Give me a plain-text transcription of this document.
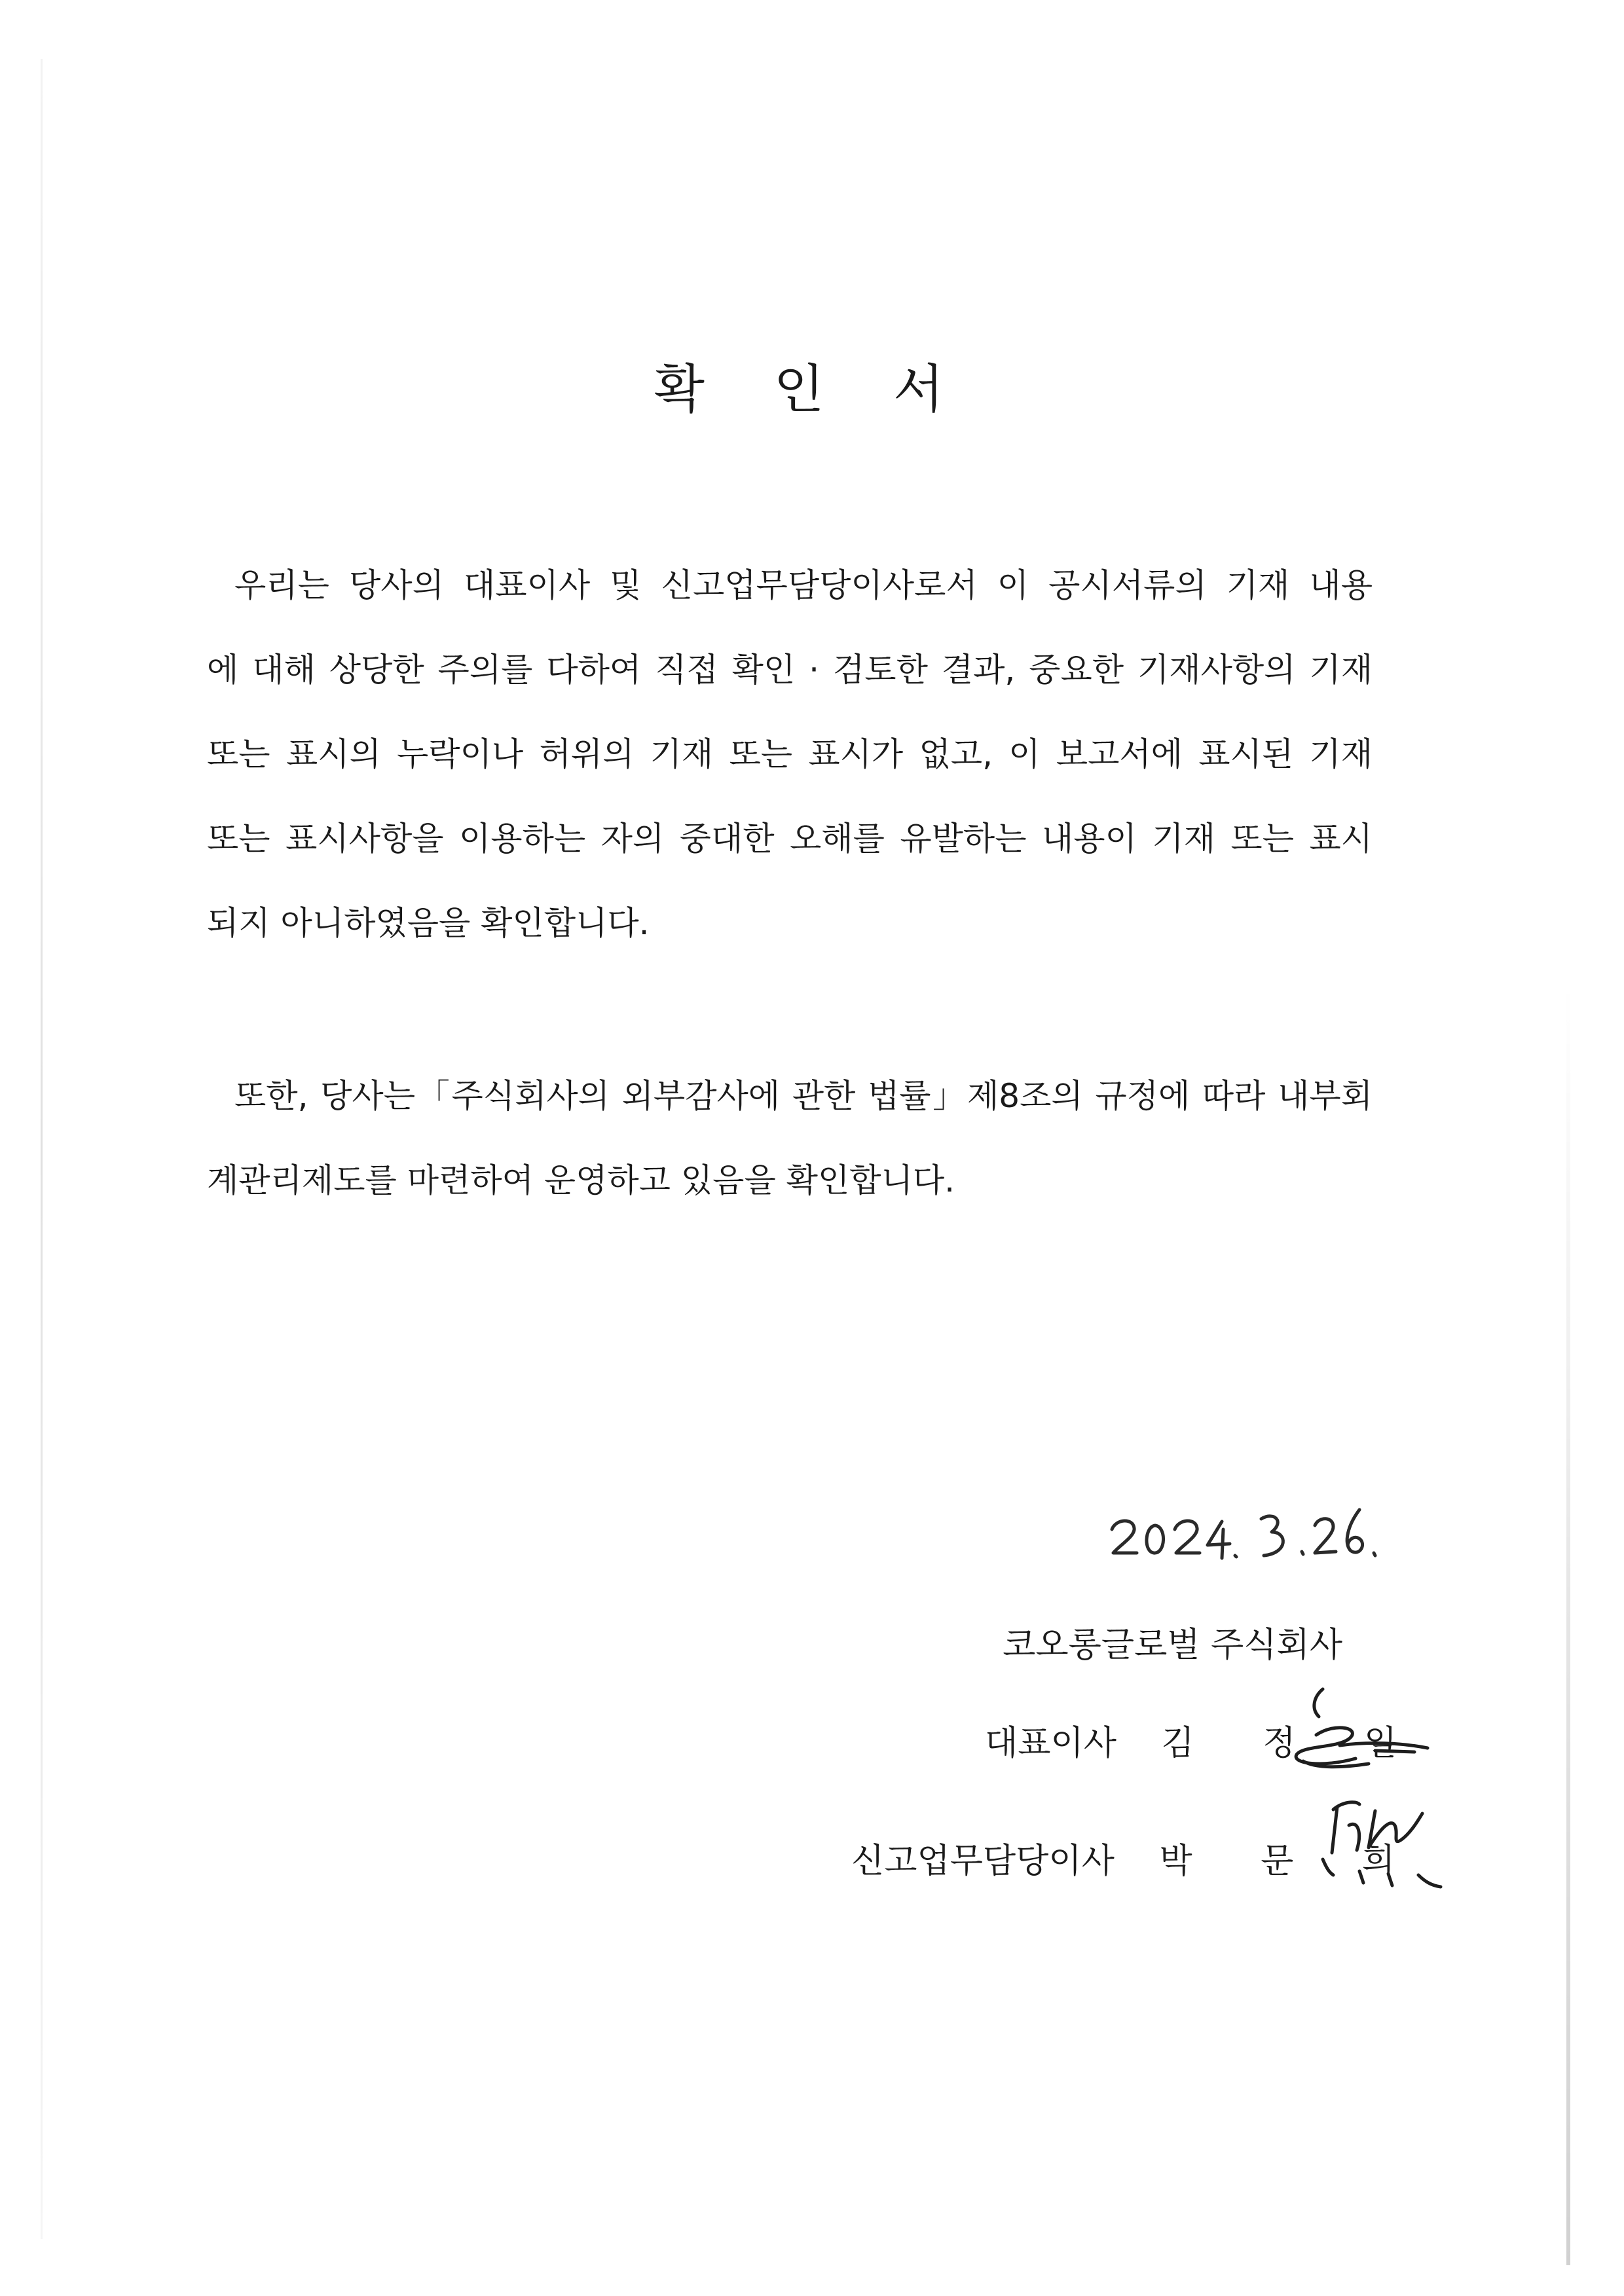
확 인 서
우리는 당사의 대표이사 및 신고업무담당이사로서 이 공시서류의 기재 내용
에 대해 상당한 주의를 다하여 직접 확인 · 검토한 결과, 중요한 기재사항의 기재
또는 표시의 누락이나 허위의 기재 또는 표시가 없고, 이 보고서에 표시된 기재
또는 표시사항을 이용하는 자의 중대한 오해를 유발하는 내용이 기재 또는 표시
되지 아니하였음을 확인합니다.
또한, 당사는「주식회사의 외부감사에 관한 법률」제8조의 규정에 따라 내부회
계관리제도를 마련하여 운영하고 있음을 확인합니다.
코오롱글로벌 주식회사
대표이사 김 정 일
신고업무담당이사 박 문 희
